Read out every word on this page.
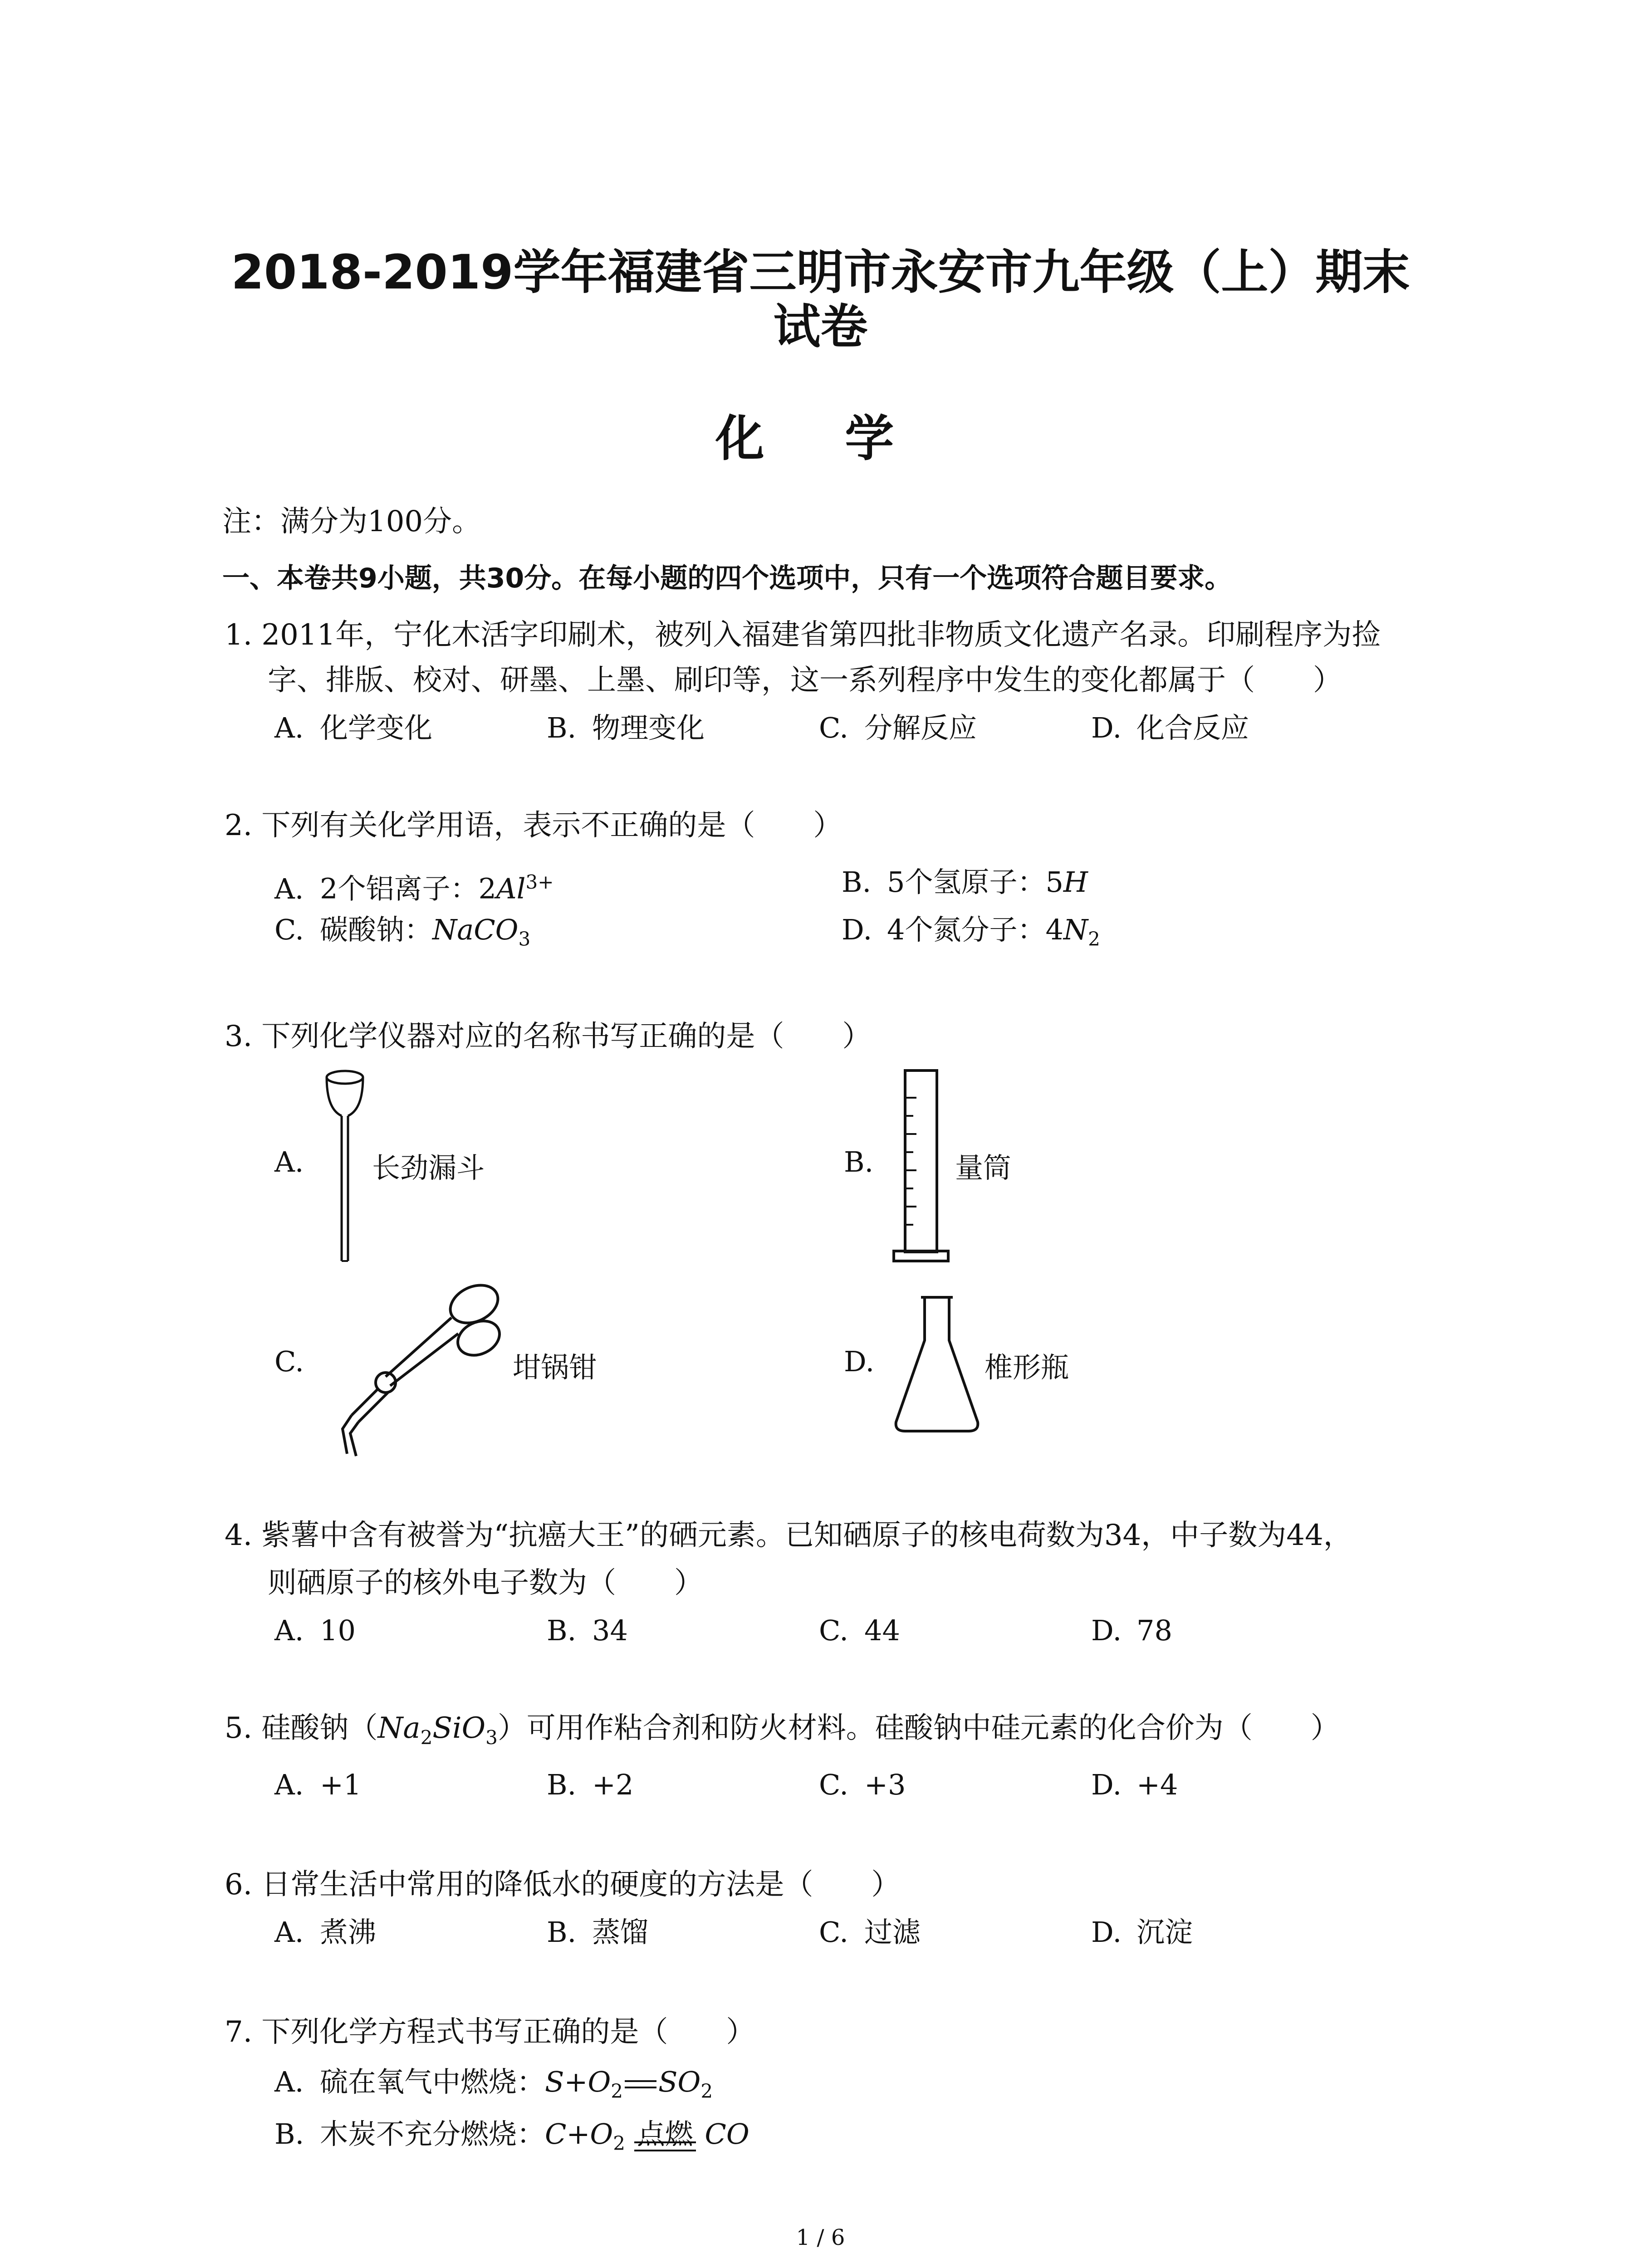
2018-2019学年福建省三明市永安市九年级（上）期末
试卷
化 学
注：满分为100分。
一、本卷共9小题，共30分。在每小题的四个选项中，只有一个选项符合题目要求。
1. 2011年，宁化木活字印刷术，被列入福建省第四批非物质文化遗产名录。印刷程序为捡
字、排版、校对、研墨、上墨、刷印等，这一系列程序中发生的变化都属于（　　）
A. 化学变化	B. 物理变化	C. 分解反应	D. 化合反应
2. 下列有关化学用语，表示不正确的是（　　）
A. 2个铝离子：$2Al^{3+}$	B. 5个氢原子：5H
C. 碳酸钠：NaCO$_3$	D. 4个氮分子：$4N_2$
3. 下列化学仪器对应的名称书写正确的是（　　）
A. 长劲漏斗	B.	量筒
C.	坩锅钳	D.	椎形瓶
4. 紫薯中含有被誉为“抗癌大王”的硒元素。已知硒原子的核电荷数为34，中子数为44，
则硒原子的核外电子数为（　　）
A. 10	B. 34	C. 44	D. 78
5. 硅酸钠$(Na_2SiO_3)$可用作粘合剂和防火材料。硅酸钠中硅元素的化合价为（　　）
A. +1	B. +2	C. +3	D. +4
6. 日常生活中常用的降低水的硬度的方法是（　　）
A. 煮沸	B. 蒸馏	C. 过滤	D. 沉淀
7. 下列化学方程式书写正确的是（　　）
A. 硫在氧气中燃烧：$S+O_2$ $SO_2$
B. 木炭不充分燃烧：$C+O_2$ 点燃 CO
1 / 6
